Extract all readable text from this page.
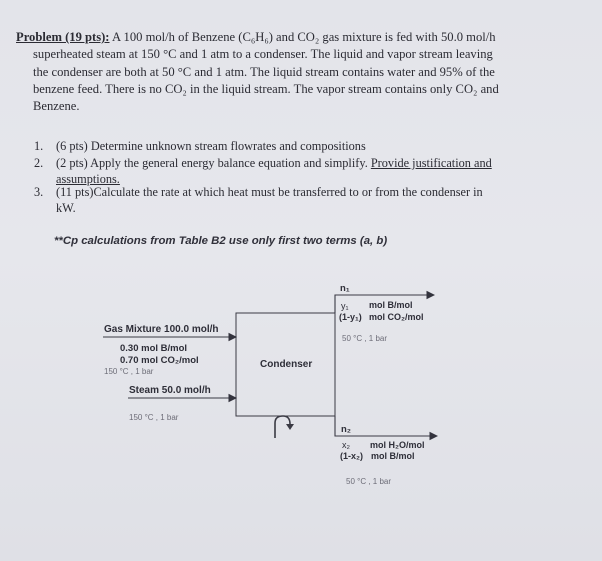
Problem (19 pts): A 100 mol/h of Benzene (C₆H₆) and CO₂ gas mixture is fed with 50.0 mol/h
superheated steam at 150 °C and 1 atm to a condenser. The liquid and vapor stream leaving
the condenser are both at 50 °C and 1 atm. The liquid stream contains water and 95% of the
benzene feed. There is no CO₂ in the liquid stream. The vapor stream contains only CO₂ and
Benzene.
1. (6 pts) Determine unknown stream flowrates and compositions
2. (2 pts) Apply the general energy balance equation and simplify. Provide justification and
assumptions.
3. (11 pts)Calculate the rate at which heat must be transferred to or from the condenser in
kW.
**Cp calculations from Table B2 use only first two terms (a, b)
Condenser
Gas Mixture 100.0 mol/h
0.30 mol B/mol
0.70 mol CO₂/mol
150 °C , 1 bar
Steam 50.0 mol/h
150 °C , 1 bar
n₁
y₁ mol B/mol
(1-y₁) mol CO₂/mol
50 °C , 1 bar
n₂
x₂ mol H₂O/mol
(1-x₂) mol B/mol
50 °C , 1 bar
